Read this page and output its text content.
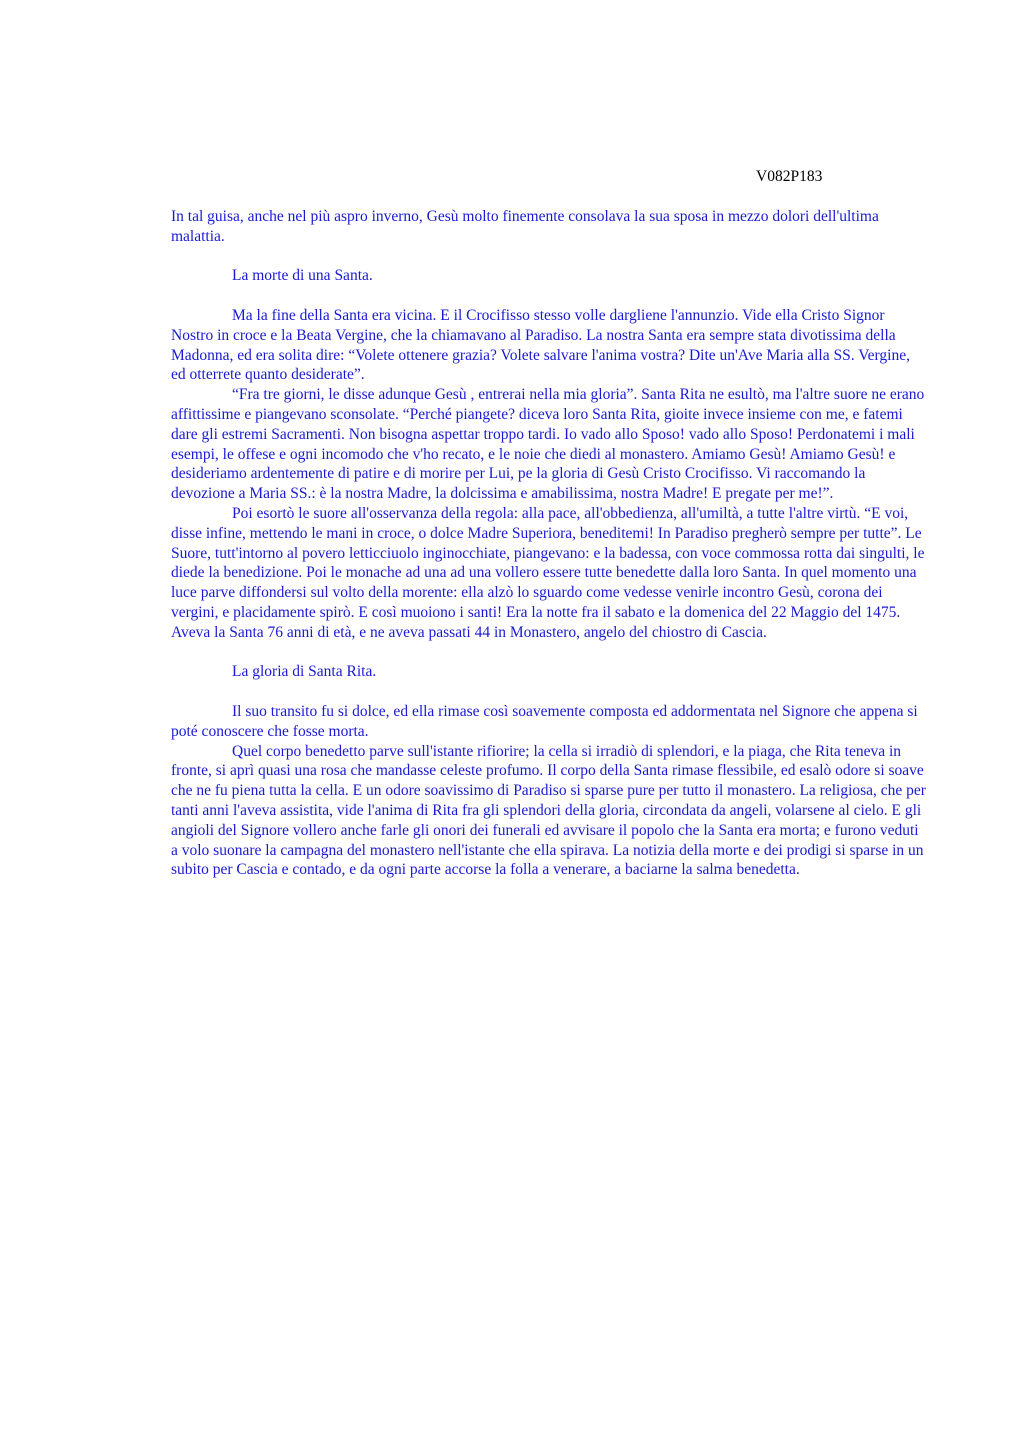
V082P183

In tal guisa, anche nel più aspro inverno, Gesù molto finemente consolava la sua sposa in mezzo dolori dell'ultima malattia.

La morte di una Santa.

Ma la fine della Santa era vicina. E il Crocifisso stesso volle dargliene l'annunzio. Vide ella Cristo Signor Nostro in croce e la Beata Vergine, che la chiamavano al Paradiso. La nostra Santa era sempre stata divotissima della Madonna, ed era solita dire: “Volete ottenere grazia? Volete salvare l'anima vostra? Dite un'Ave Maria alla SS. Vergine, ed otterrete quanto desiderate”.

“Fra tre giorni, le disse adunque Gesù , entrerai nella mia gloria”. Santa Rita ne esultò, ma l'altre suore ne erano affittissime e piangevano sconsolate. “Perché piangete? diceva loro Santa Rita, gioite invece insieme con me, e fatemi dare gli estremi Sacramenti. Non bisogna aspettar troppo tardi. Io vado allo Sposo! vado allo Sposo! Perdonatemi i mali esempi, le offese e ogni incomodo che v'ho recato, e le noie che diedi al monastero. Amiamo Gesù! Amiamo Gesù! e desideriamo ardentemente di patire e di morire per Lui, pe la gloria di Gesù Cristo Crocifisso. Vi raccomando la devozione a Maria SS.: è la nostra Madre, la dolcissima e amabilissima, nostra Madre! E pregate per me!”.

Poi esortò le suore all'osservanza della regola: alla pace, all'obbedienza, all'umiltà, a tutte l'altre virtù. “E voi, disse infine, mettendo le mani in croce, o dolce Madre Superiora, beneditemi! In Paradiso pregherò sempre per tutte”. Le Suore, tutt'intorno al povero letticciuolo inginocchiate, piangevano: e la badessa, con voce commossa rotta dai singulti, le diede la benedizione. Poi le monache ad una ad una vollero essere tutte benedette dalla loro Santa. In quel momento una luce parve diffondersi sul volto della morente: ella alzò lo sguardo come vedesse venirle incontro Gesù, corona dei vergini, e placidamente spirò. E così muoiono i santi! Era la notte fra il sabato e la domenica del 22 Maggio del 1475. Aveva la Santa 76 anni di età, e ne aveva passati 44 in Monastero, angelo del chiostro di Cascia.

La gloria di Santa Rita.

Il suo transito fu si dolce, ed ella rimase così soavemente composta ed addormentata nel Signore che appena si poté conoscere che fosse morta.

Quel corpo benedetto parve sull'istante rifiorire; la cella si irradiò di splendori, e la piaga, che Rita teneva in fronte, si aprì quasi una rosa che mandasse celeste profumo. Il corpo della Santa rimase flessibile, ed esalò odore si soave che ne fu piena tutta la cella. E un odore soavissimo di Paradiso si sparse pure per tutto il monastero. La religiosa, che per tanti anni l'aveva assistita, vide l'anima di Rita fra gli splendori della gloria, circondata da angeli, volarsene al cielo. E gli angioli del Signore vollero anche farle gli onori dei funerali ed avvisare il popolo che la Santa era morta; e furono veduti a volo suonare la campagna del monastero nell'istante che ella spirava. La notizia della morte e dei prodigi si sparse in un subito per Cascia e contado, e da ogni parte accorse la folla a venerare, a baciarne la salma benedetta.
